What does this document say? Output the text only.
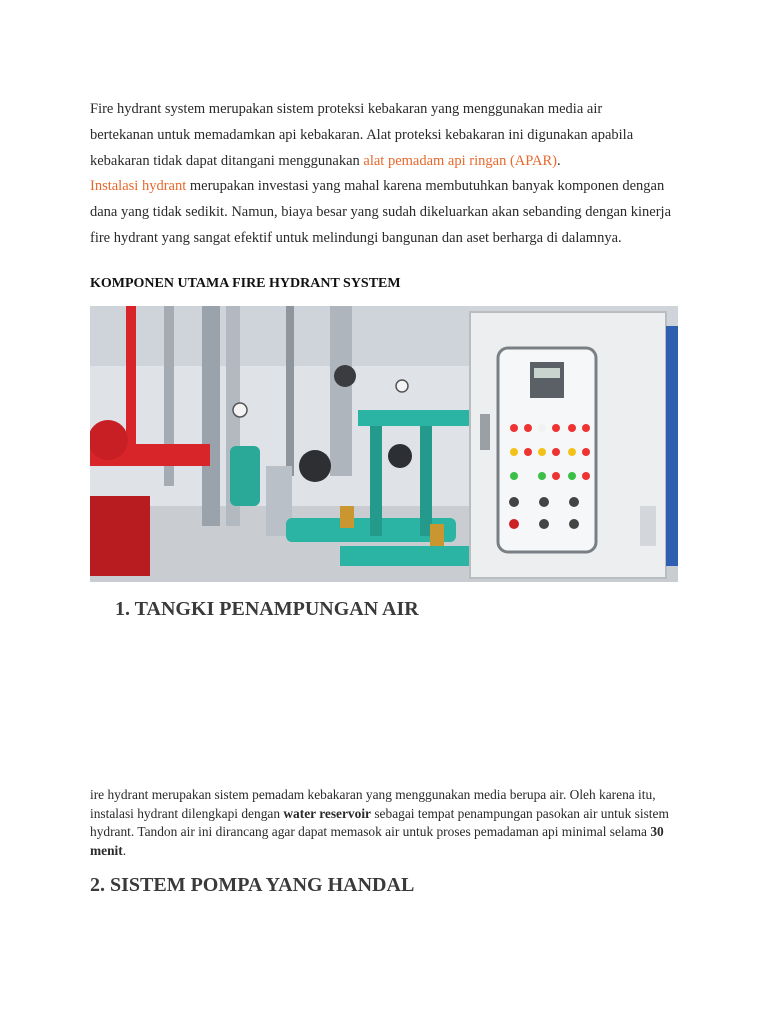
Fire hydrant system merupakan sistem proteksi kebakaran yang menggunakan media air

bertekanan untuk memadamkan api kebakaran. Alat proteksi kebakaran ini digunakan apabila

kebakaran tidak dapat ditangani menggunakan alat pemadam api ringan (APAR).

Instalasi hydrant merupakan investasi yang mahal karena membutuhkan banyak komponen dengan dana yang tidak sedikit. Namun, biaya besar yang sudah dikeluarkan akan sebanding dengan kinerja fire hydrant yang sangat efektif untuk melindungi bangunan dan aset berharga di dalamnya.

KOMPONEN UTAMA FIRE HYDRANT SYSTEM
1. TANGKI PENAMPUNGAN AIR

ire hydrant merupakan sistem pemadam kebakaran yang menggunakan media berupa air. Oleh karena itu, instalasi hydrant dilengkapi dengan water reservoir sebagai tempat penampungan pasokan air untuk sistem hydrant. Tandon air ini dirancang agar dapat memasok air untuk proses pemadaman api minimal selama 30 menit.

2. SISTEM POMPA YANG HANDAL
